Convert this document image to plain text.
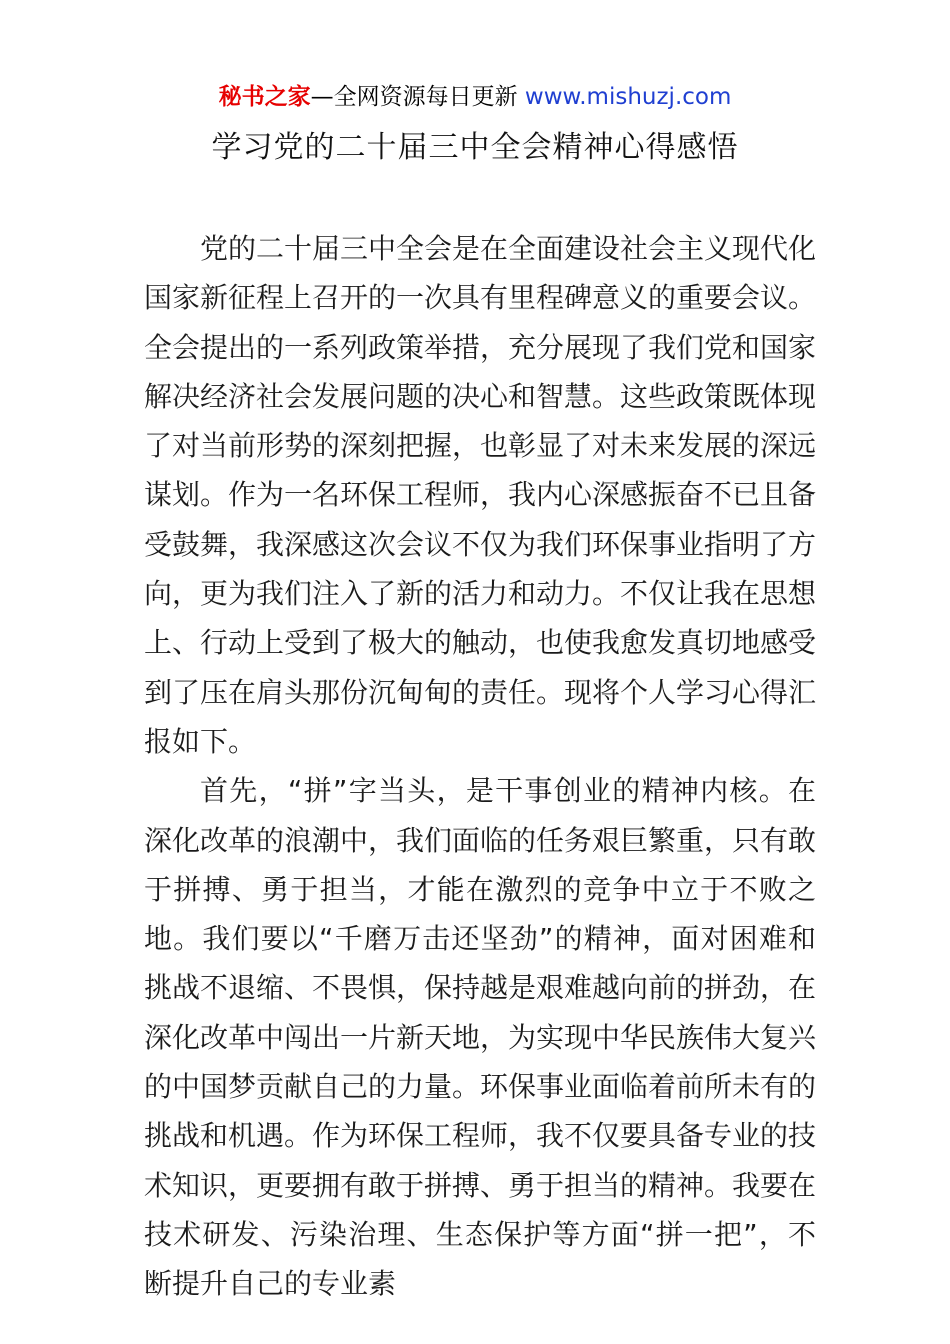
秘书之家—全网资源每日更新 www.mishuzj.com
学习党的二十届三中全会精神心得感悟

党的二十届三中全会是在全面建设社会主义现代化国家新征程上召开的一次具有里程碑意义的重要会议。全会提出的一系列政策举措，充分展现了我们党和国家解决经济社会发展问题的决心和智慧。这些政策既体现了对当前形势的深刻把握，也彰显了对未来发展的深远谋划。作为一名环保工程师，我内心深感振奋不已且备受鼓舞，我深感这次会议不仅为我们环保事业指明了方向，更为我们注入了新的活力和动力。不仅让我在思想上、行动上受到了极大的触动，也使我愈发真切地感受到了压在肩头那份沉甸甸的责任。现将个人学习心得汇报如下。

首先，“拼”字当头，是干事创业的精神内核。在深化改革的浪潮中，我们面临的任务艰巨繁重，只有敢于拼搏、勇于担当，才能在激烈的竞争中立于不败之地。我们要以“千磨万击还坚劲”的精神，面对困难和挑战不退缩、不畏惧，保持越是艰难越向前的拼劲，在深化改革中闯出一片新天地，为实现中华民族伟大复兴的中国梦贡献自己的力量。环保事业面临着前所未有的挑战和机遇。作为环保工程师，我不仅要具备专业的技术知识，更要拥有敢于拼搏、勇于担当的精神。我要在技术研发、污染治理、生态保护等方面“拼一把”，不断提升自己的专业素
